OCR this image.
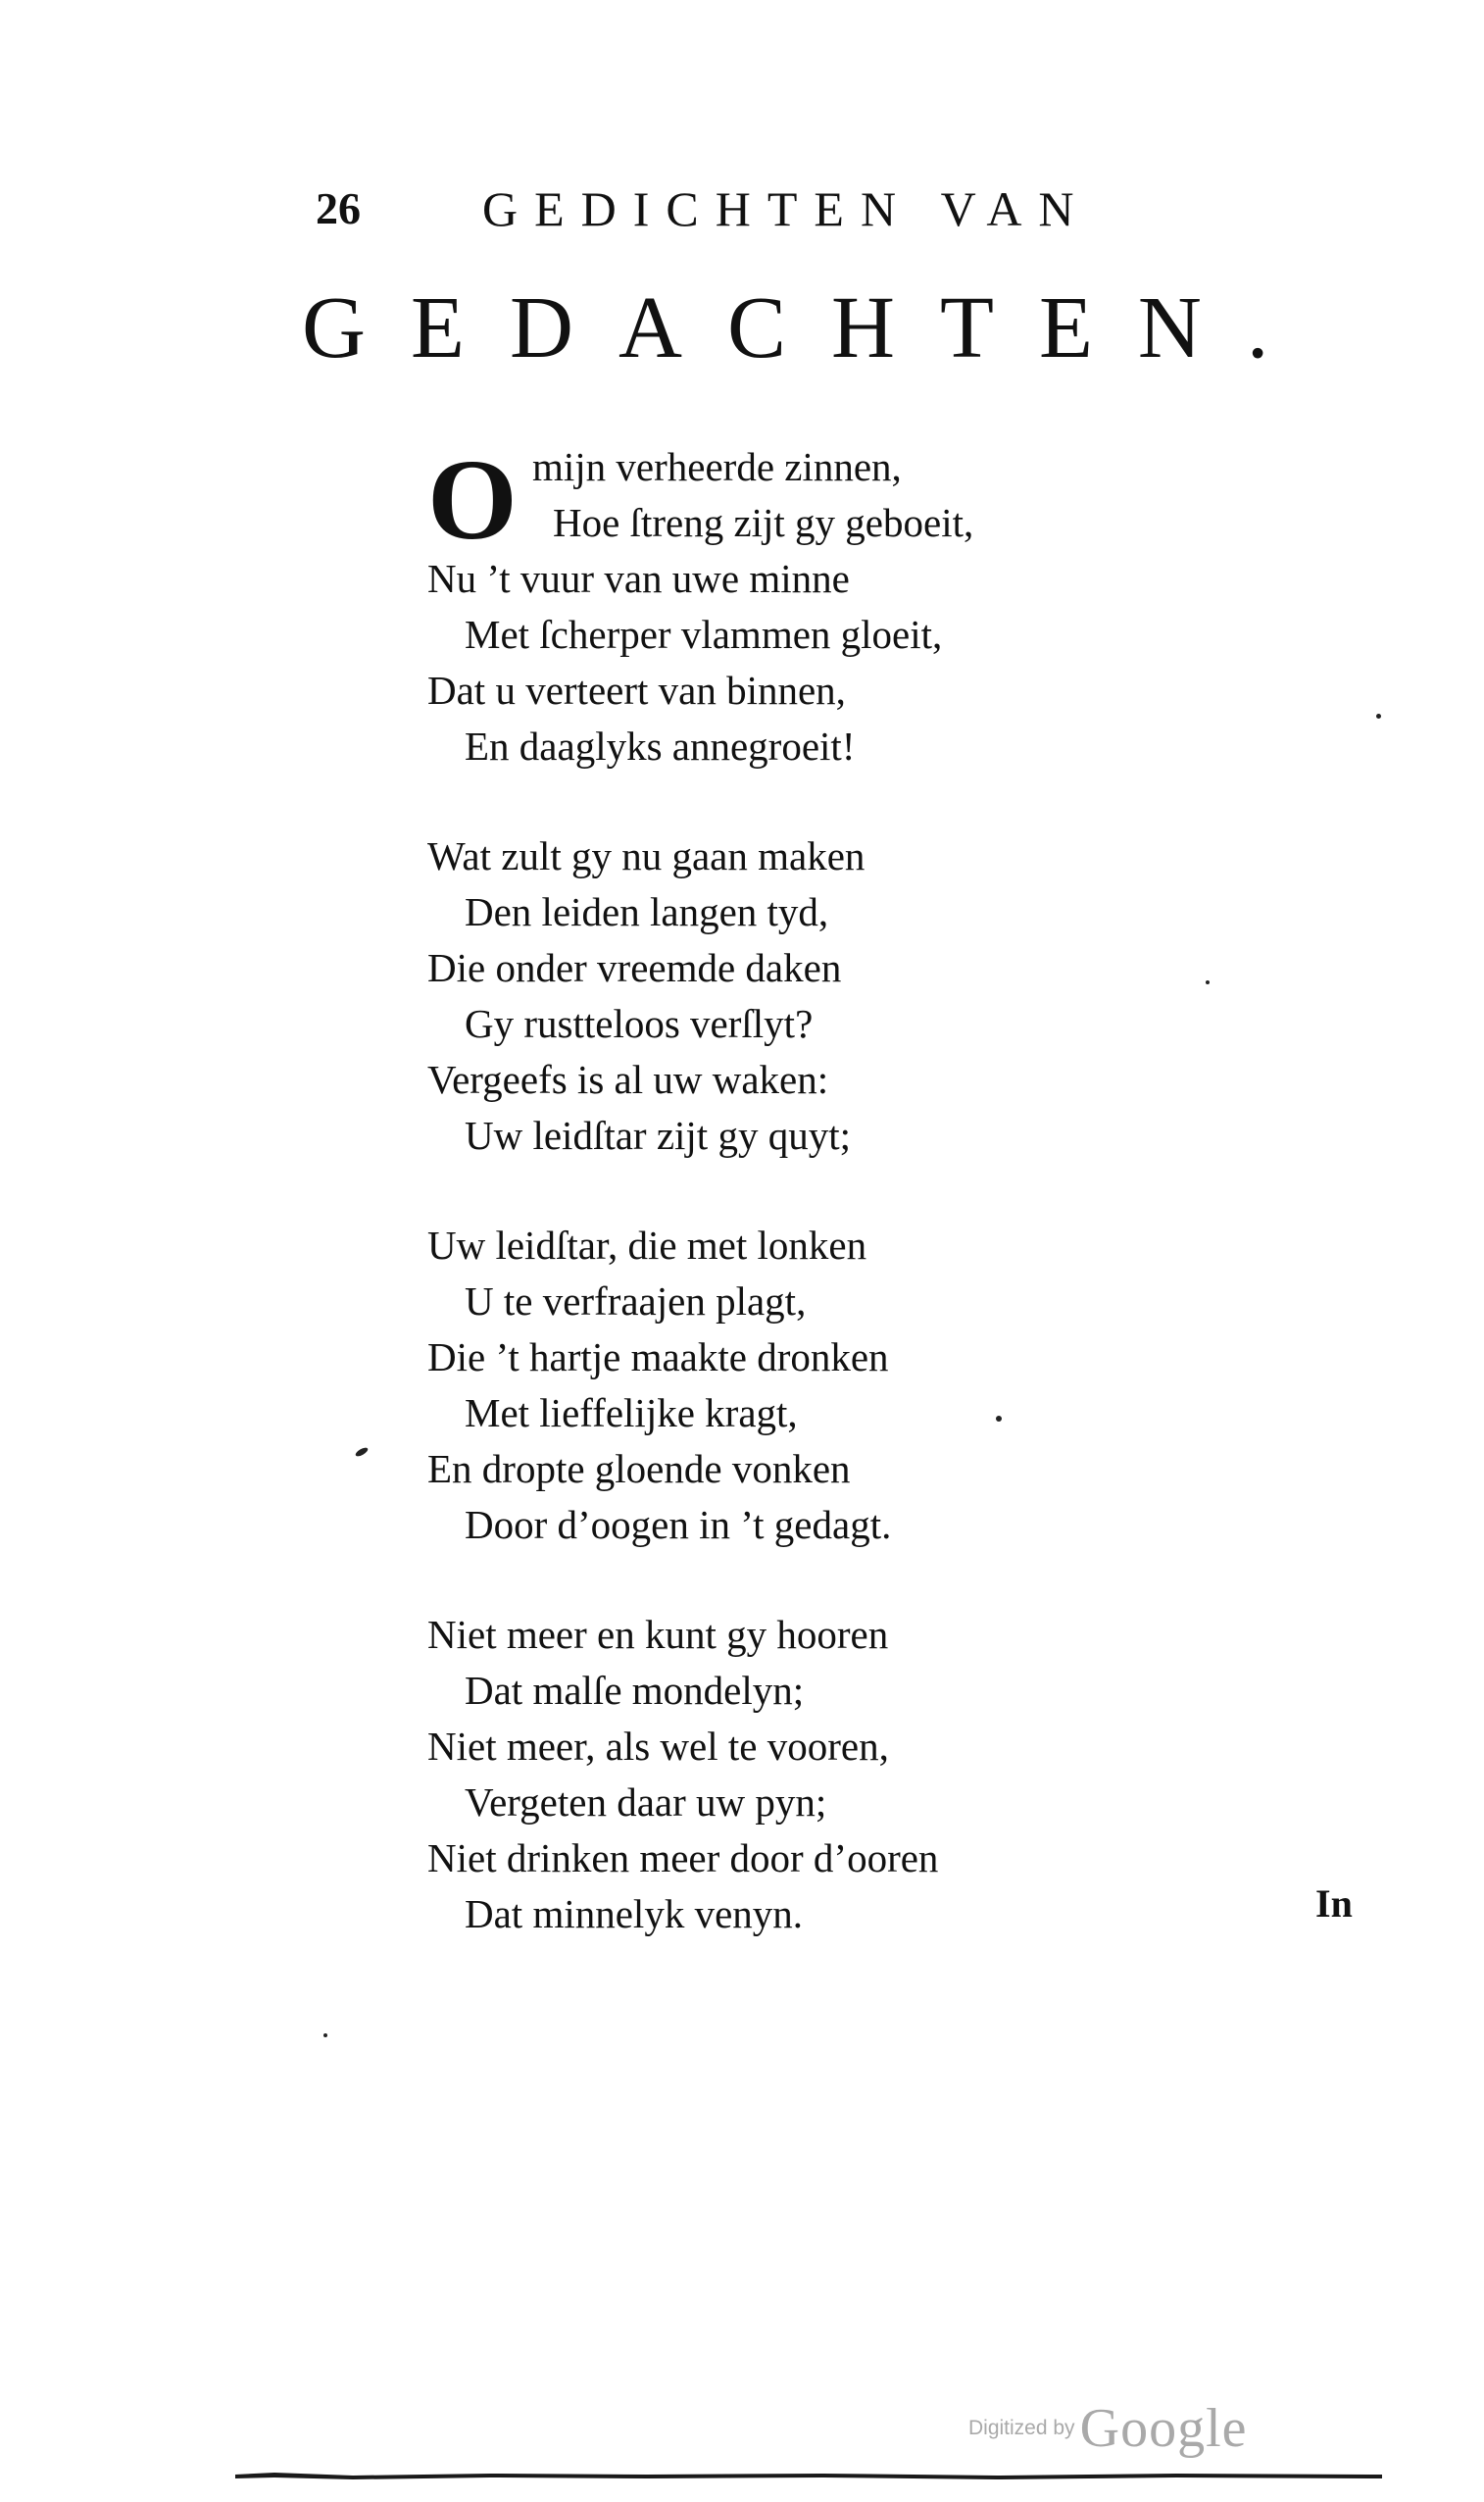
26 GEDICHTEN VAN
GEDACHTEN.
O mijn verheerde zinnen,
Hoe ſtreng zijt gy geboeit,
Nu ’t vuur van uwe minne
Met ſcherper vlammen gloeit,
Dat u verteert van binnen,
En daaglyks annegroeit!
Wat zult gy nu gaan maken
Den leiden langen tyd,
Die onder vreemde daken
Gy rustteloos verſlyt?
Vergeefs is al uw waken:
Uw leidſtar zijt gy quyt;
Uw leidſtar, die met lonken
U te verfraajen plagt,
Die ’t hartje maakte dronken
Met lieffelijke kragt,
En dropte gloende vonken
Door d’oogen in ’t gedagt.
Niet meer en kunt gy hooren
Dat malſe mondelyn;
Niet meer, als wel te vooren,
Vergeten daar uw pyn;
Niet drinken meer door d’ooren
Dat minnelyk venyn.	In
Digitized by Google
